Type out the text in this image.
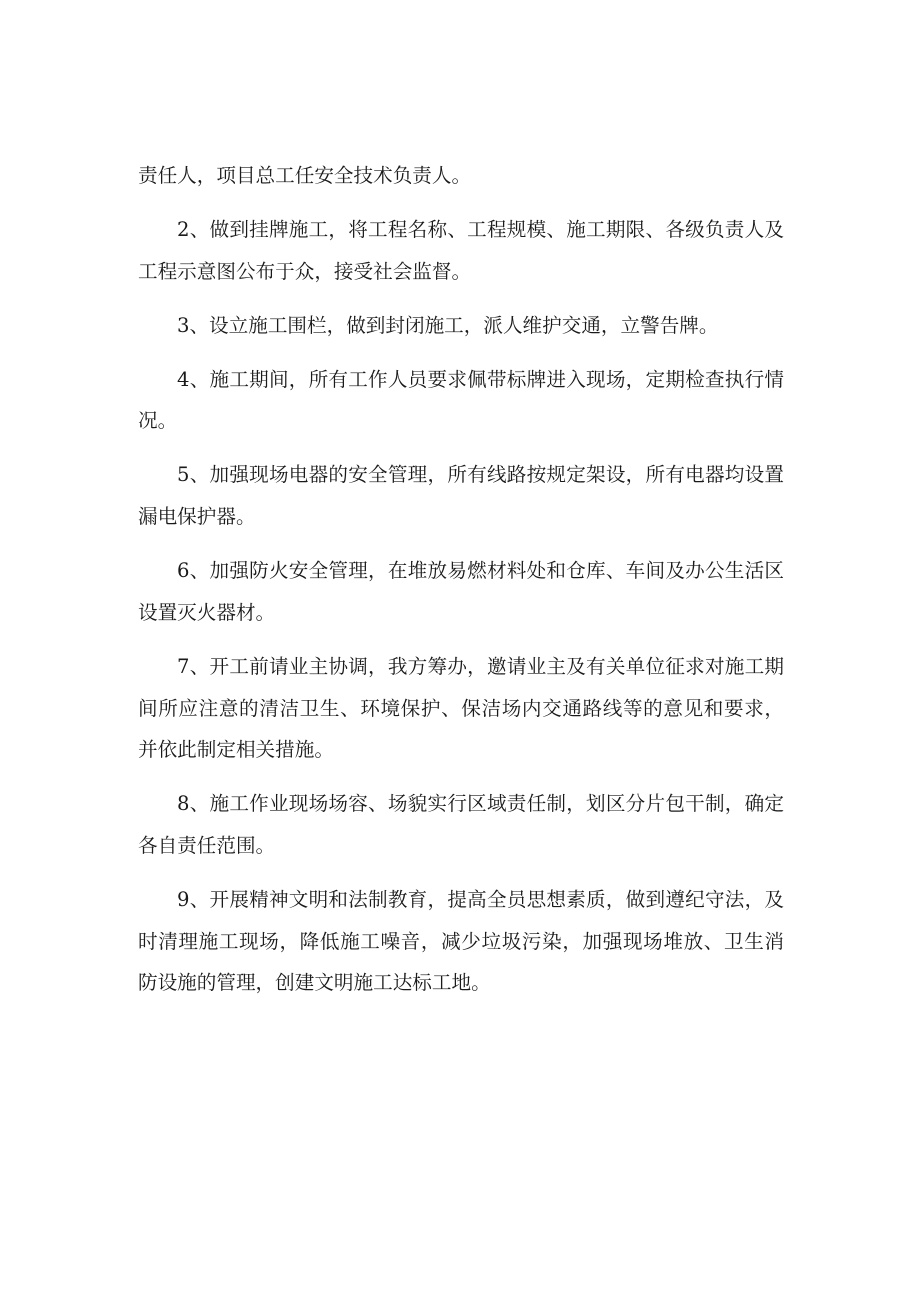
责任人，项目总工任安全技术负责人。

2、做到挂牌施工，将工程名称、工程规模、施工期限、各级负责人及工程示意图公布于众，接受社会监督。

3、设立施工围栏，做到封闭施工，派人维护交通，立警告牌。

4、施工期间，所有工作人员要求佩带标牌进入现场，定期检查执行情况。

5、加强现场电器的安全管理，所有线路按规定架设，所有电器均设置漏电保护器。

6、加强防火安全管理，在堆放易燃材料处和仓库、车间及办公生活区设置灭火器材。

7、开工前请业主协调，我方筹办，邀请业主及有关单位征求对施工期间所应注意的清洁卫生、环境保护、保洁场内交通路线等的意见和要求，并依此制定相关措施。

8、施工作业现场场容、场貌实行区域责任制，划区分片包干制，确定各自责任范围。

9、开展精神文明和法制教育，提高全员思想素质，做到遵纪守法，及时清理施工现场，降低施工噪音，减少垃圾污染，加强现场堆放、卫生消防设施的管理，创建文明施工达标工地。
